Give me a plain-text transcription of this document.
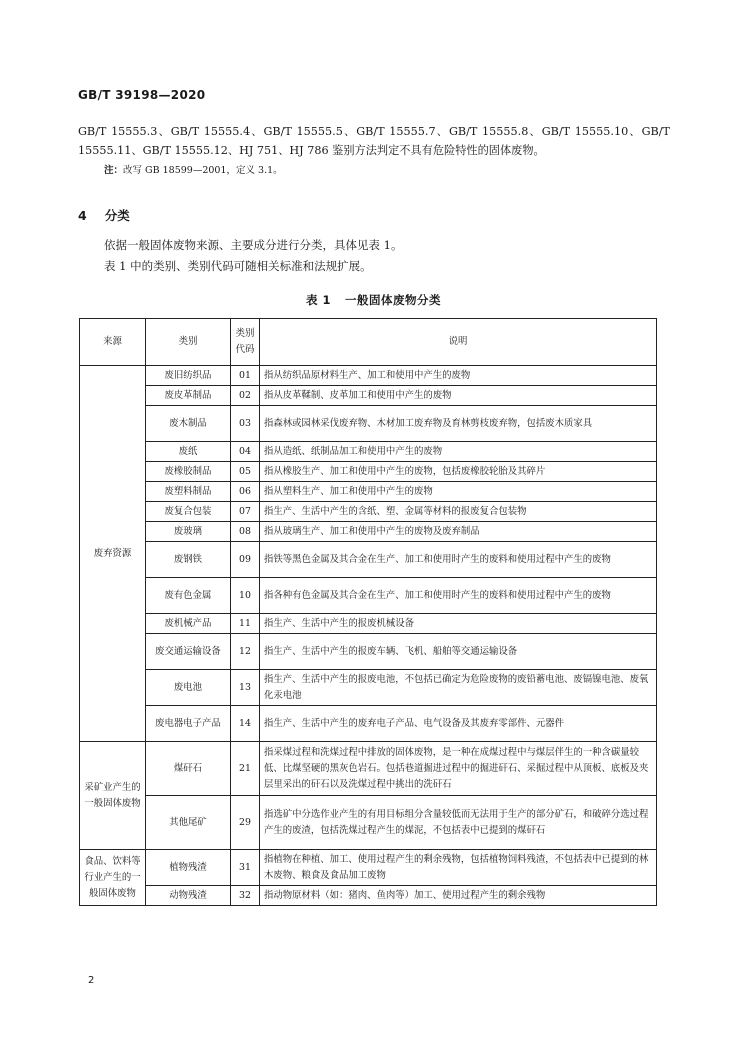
GB/T 39198—2020
GB/T 15555.3、GB/T 15555.4、GB/T 15555.5、GB/T 15555.7、GB/T 15555.8、GB/T 15555.10、GB/T 15555.11、GB/T 15555.12、HJ 751、HJ 786 鉴别方法判定不具有危险特性的固体废物。
注：改写 GB 18599—2001，定义 3.1。
4 分类
依据一般固体废物来源、主要成分进行分类，具体见表 1。
表 1 中的类别、类别代码可随相关标准和法规扩展。
表 1 一般固体废物分类
来源	类别	类别代码	说明
废弃资源	废旧纺织品	01	指从纺织品原材料生产、加工和使用中产生的废物
	废皮革制品	02	指从皮革鞣制、皮革加工和使用中产生的废物
	废木制品	03	指森林或园林采伐废弃物、木材加工废弃物及育林剪枝废弃物，包括废木质家具
	废纸	04	指从造纸、纸制品加工和使用中产生的废物
	废橡胶制品	05	指从橡胶生产、加工和使用中产生的废物，包括废橡胶轮胎及其碎片
	废塑料制品	06	指从塑料生产、加工和使用中产生的废物
	废复合包装	07	指生产、生活中产生的含纸、塑、金属等材料的报废复合包装物
	废玻璃	08	指从玻璃生产、加工和使用中产生的废物及废弃制品
	废钢铁	09	指铁等黑色金属及其合金在生产、加工和使用时产生的废料和使用过程中产生的废物
	废有色金属	10	指各种有色金属及其合金在生产、加工和使用时产生的废料和使用过程中产生的废物
	废机械产品	11	指生产、生活中产生的报废机械设备
	废交通运输设备	12	指生产、生活中产生的报废车辆、飞机、船舶等交通运输设备
	废电池	13	指生产、生活中产生的报废电池，不包括已确定为危险废物的废铅蓄电池、废镉镍电池、废氧化汞电池
	废电器电子产品	14	指生产、生活中产生的废弃电子产品、电气设备及其废弃零部件、元器件
采矿业产生的一般固体废物	煤矸石	21	指采煤过程和洗煤过程中排放的固体废物，是一种在成煤过程中与煤层伴生的一种含碳量较低、比煤坚硬的黑灰色岩石。包括巷道掘进过程中的掘进矸石、采掘过程中从顶板、底板及夹层里采出的矸石以及洗煤过程中挑出的洗矸石
	其他尾矿	29	指选矿中分选作业产生的有用目标组分含量较低而无法用于生产的部分矿石，和破碎分选过程产生的废渣，包括洗煤过程产生的煤泥，不包括表中已提到的煤矸石
食品、饮料等行业产生的一般固体废物	植物残渣	31	指植物在种植、加工、使用过程产生的剩余残物，包括植物饲料残渣，不包括表中已提到的林木废物、粮食及食品加工废物
	动物残渣	32	指动物原材料（如：猪肉、鱼肉等）加工、使用过程产生的剩余残物
2
